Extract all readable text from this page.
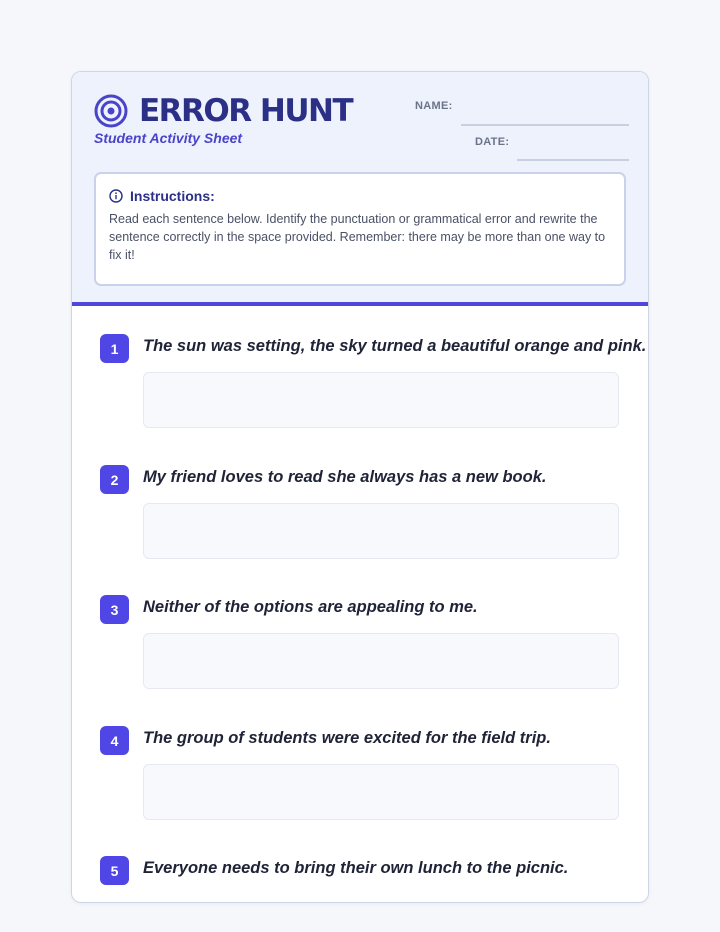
ERROR HUNT
Student Activity Sheet
NAME:
DATE:
Instructions:
Read each sentence below. Identify the punctuation or grammatical error and rewrite the sentence correctly in the space provided. Remember: there may be more than one way to fix it!
1	The sun was setting, the sky turned a beautiful orange and pink.
2	My friend loves to read she always has a new book.
3	Neither of the options are appealing to me.
4	The group of students were excited for the field trip.
5	Everyone needs to bring their own lunch to the picnic.
